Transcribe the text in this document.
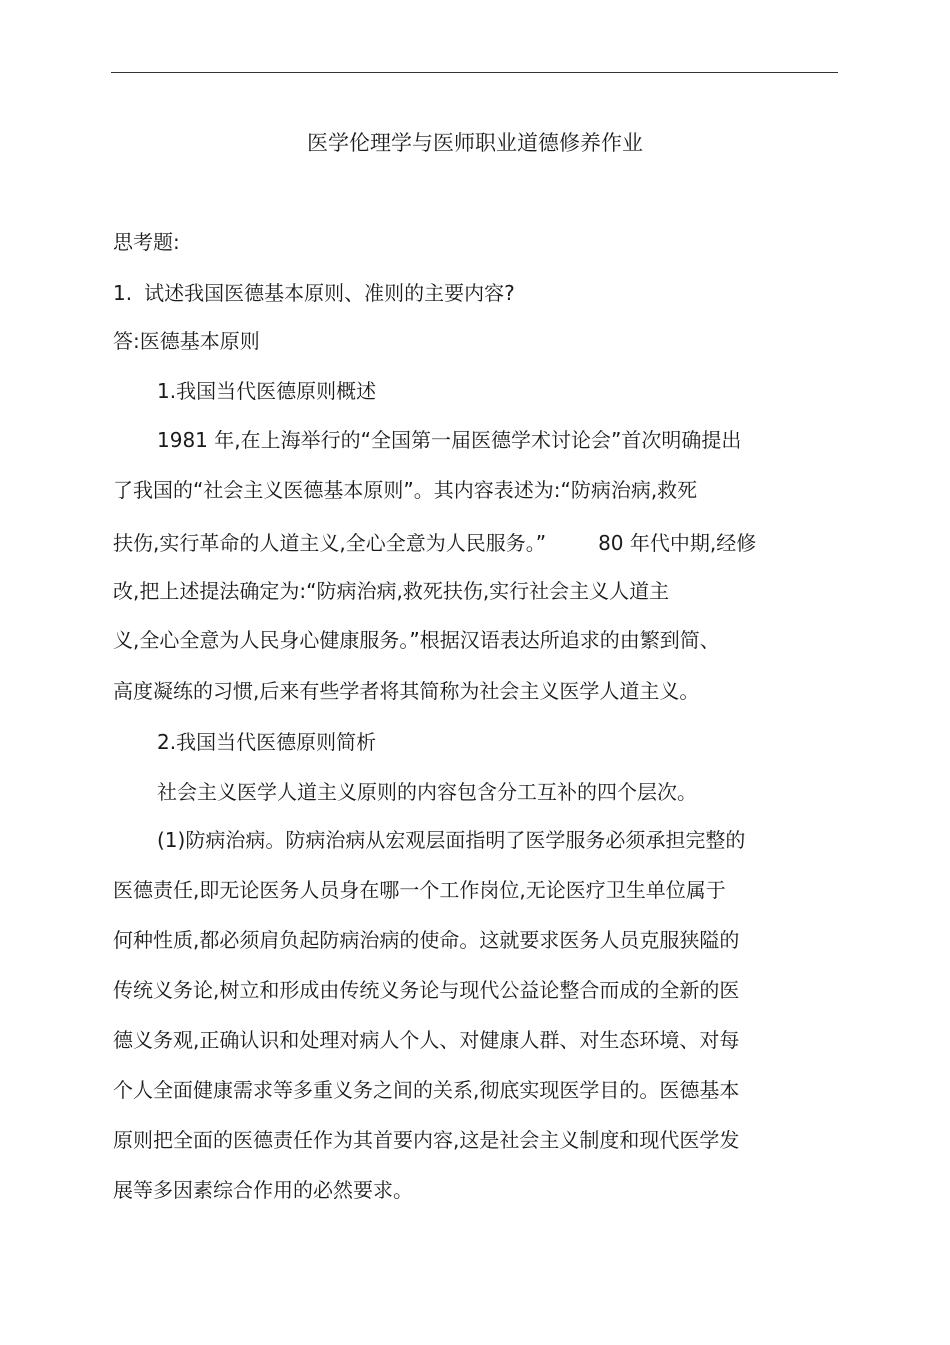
医学伦理学与医师职业道德修养作业
思考题:
1. 试述我国医德基本原则、准则的主要内容?
答:医德基本原则
1.我国当代医德原则概述
1981 年,在上海举行的“全国第一届医德学术讨论会”首次明确提出
了我国的“社会主义医德基本原则”。其内容表述为:“防病治病,救死
扶伤,实行革命的人道主义,全心全意为人民服务。”	80 年代中期,经修
改,把上述提法确定为:“防病治病,救死扶伤,实行社会主义人道主
义,全心全意为人民身心健康服务。”根据汉语表达所追求的由繁到简、
高度凝练的习惯,后来有些学者将其简称为社会主义医学人道主义。
2.我国当代医德原则简析
社会主义医学人道主义原则的内容包含分工互补的四个层次。
(1)防病治病。防病治病从宏观层面指明了医学服务必须承担完整的
医德责任,即无论医务人员身在哪一个工作岗位,无论医疗卫生单位属于
何种性质,都必须肩负起防病治病的使命。这就要求医务人员克服狭隘的
传统义务论,树立和形成由传统义务论与现代公益论整合而成的全新的医
德义务观,正确认识和处理对病人个人、对健康人群、对生态环境、对每
个人全面健康需求等多重义务之间的关系,彻底实现医学目的。医德基本
原则把全面的医德责任作为其首要内容,这是社会主义制度和现代医学发
展等多因素综合作用的必然要求。
